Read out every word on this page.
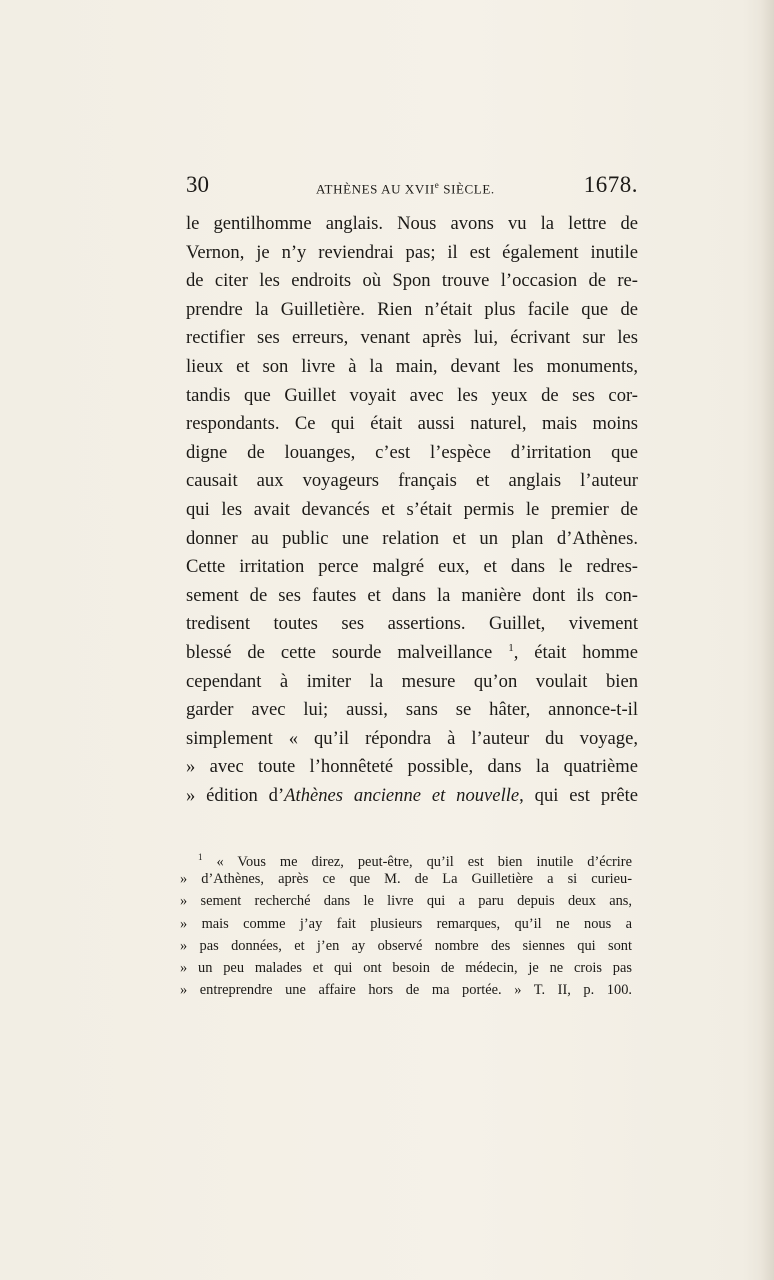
30	ATHÈNES AU XVIIe SIÈCLE.	1678.
le gentilhomme anglais. Nous avons vu la lettre de
Vernon, je n’y reviendrai pas; il est également inutile
de citer les endroits où Spon trouve l’occasion de re-
prendre la Guilletière. Rien n’était plus facile que de
rectifier ses erreurs, venant après lui, écrivant sur les
lieux et son livre à la main, devant les monuments,
tandis que Guillet voyait avec les yeux de ses cor-
respondants. Ce qui était aussi naturel, mais moins
digne de louanges, c’est l’espèce d’irritation que
causait aux voyageurs français et anglais l’auteur
qui les avait devancés et s’était permis le premier de
donner au public une relation et un plan d’Athènes.
Cette irritation perce malgré eux, et dans le redres-
sement de ses fautes et dans la manière dont ils con-
tredisent toutes ses assertions. Guillet, vivement
blessé de cette sourde malveillance $^1$, était homme
cependant à imiter la mesure qu’on voulait bien
garder avec lui; aussi, sans se hâter, annonce-t-il
simplement « qu’il répondra à l’auteur du voyage,
» avec toute l’honnêteté possible, dans la quatrième
» édition d’Athènes ancienne et nouvelle, qui est prête
$^1$ « Vous me direz, peut-être, qu’il est bien inutile d’écrire
» d’Athènes, après ce que M. de La Guilletière a si curieu-
» sement recherché dans le livre qui a paru depuis deux ans,
» mais comme j’ay fait plusieurs remarques, qu’il ne nous a
» pas données, et j’en ay observé nombre des siennes qui sont
» un peu malades et qui ont besoin de médecin, je ne crois pas
» entreprendre une affaire hors de ma portée. » T. II, p. 100.
